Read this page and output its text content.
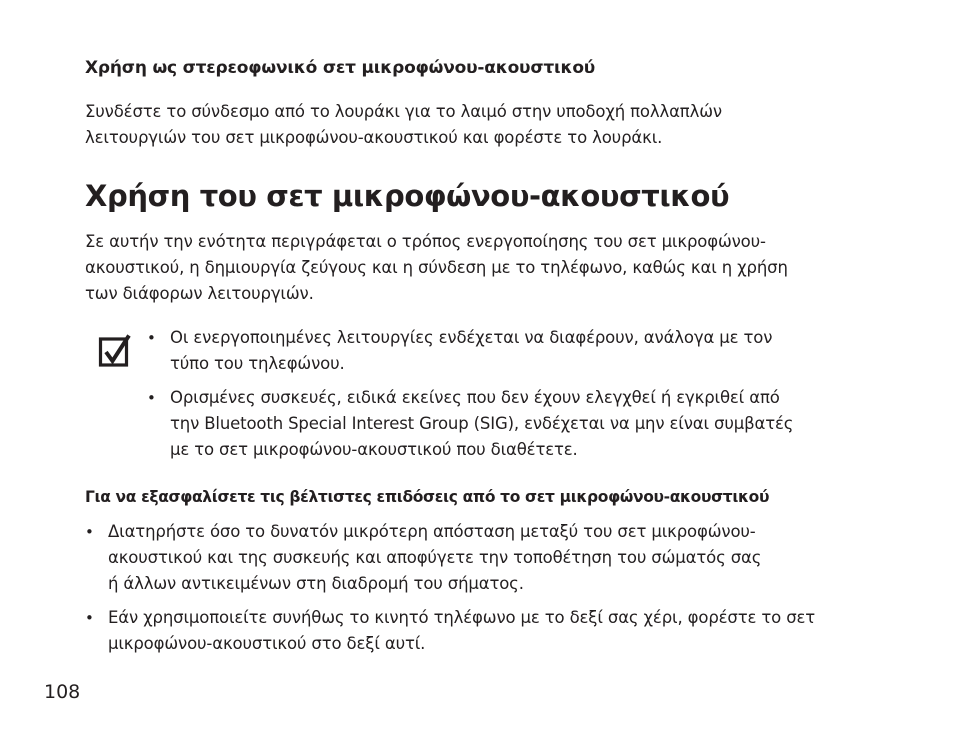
Χρήση ως στερεοφωνικό σετ μικροφώνου-ακουστικού

Συνδέστε το σύνδεσμο από το λουράκι για το λαιμό στην υποδοχή πολλαπλών
λειτουργιών του σετ μικροφώνου-ακουστικού και φορέστε το λουράκι.

Χρήση του σετ μικροφώνου-ακουστικού

Σε αυτήν την ενότητα περιγράφεται ο τρόπος ενεργοποίησης του σετ μικροφώνου-
ακουστικού, η δημιουργία ζεύγους και η σύνδεση με το τηλέφωνο, καθώς και η χρήση
των διάφορων λειτουργιών.

• Οι ενεργοποιημένες λειτουργίες ενδέχεται να διαφέρουν, ανάλογα με τον
τύπο του τηλεφώνου.
• Ορισμένες συσκευές, ειδικά εκείνες που δεν έχουν ελεγχθεί ή εγκριθεί από
την Bluetooth Special Interest Group (SIG), ενδέχεται να μην είναι συμβατές
με το σετ μικροφώνου-ακουστικού που διαθέτετε.
Για να εξασφαλίσετε τις βέλτιστες επιδόσεις από το σετ μικροφώνου-ακουστικού
• Διατηρήστε όσο το δυνατόν μικρότερη απόσταση μεταξύ του σετ μικροφώνου-
ακουστικού και της συσκευής και αποφύγετε την τοποθέτηση του σώματός σας
ή άλλων αντικειμένων στη διαδρομή του σήματος.
• Εάν χρησιμοποιείτε συνήθως το κινητό τηλέφωνο με το δεξί σας χέρι, φορέστε το σετ
μικροφώνου-ακουστικού στο δεξί αυτί.

108
